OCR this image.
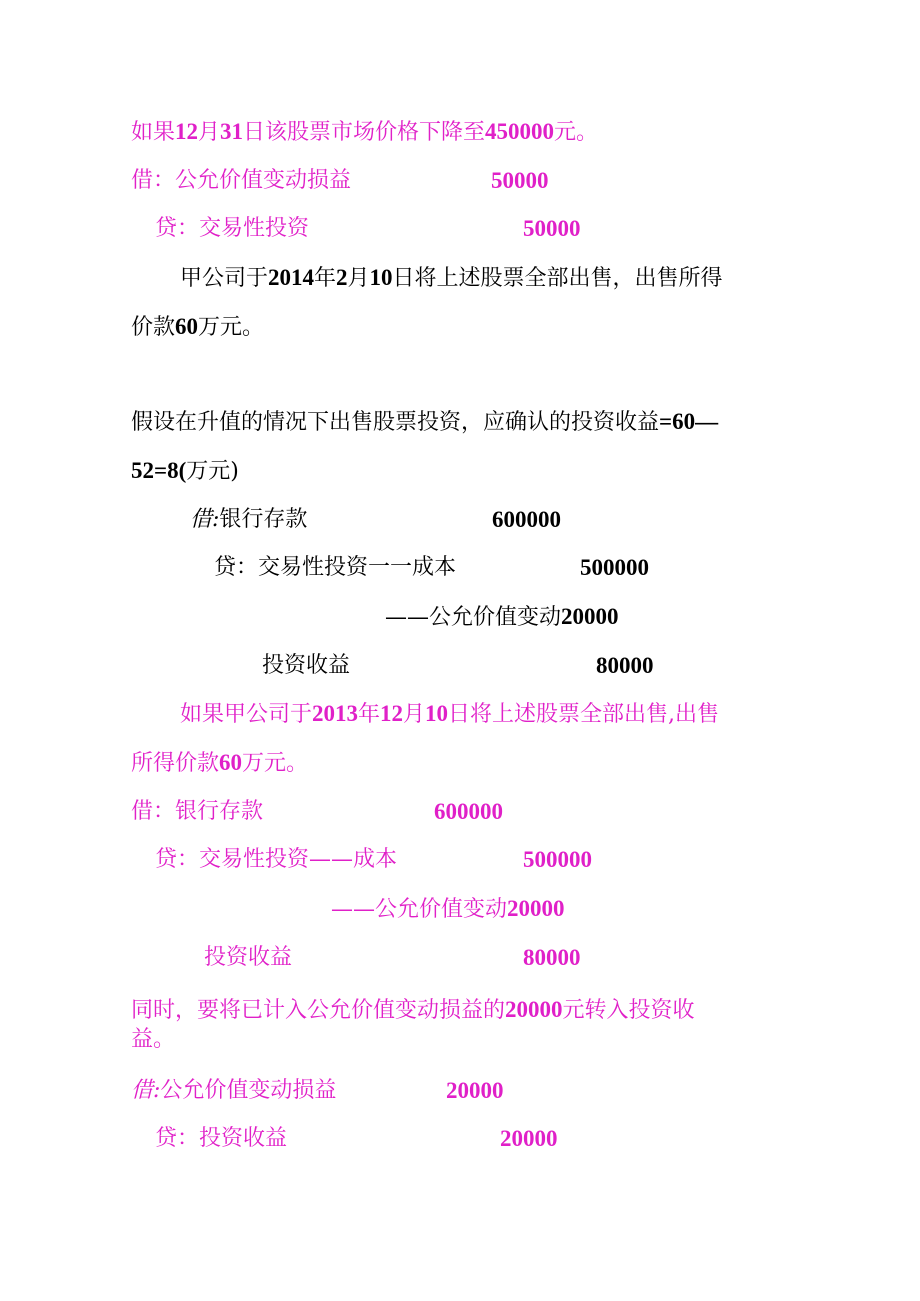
如果12月31日该股票市场价格下降至450000元。
借：公允价值变动损益	50000
贷：交易性投资	50000
甲公司于2014年2月10日将上述股票全部出售，出售所得
价款60万元。
假设在升值的情况下出售股票投资，应确认的投资收益=60—
52=8(万元)
借:银行存款	600000
贷：交易性投资一一成本	500000
——公允价值变动20000
投资收益	80000
如果甲公司于2013年12月10日将上述股票全部出售,出售
所得价款60万元。
借：银行存款	600000
贷：交易性投资——成本	500000
——公允价值变动20000
投资收益	80000
同时，要将已计入公允价值变动损益的20000元转入投资收
益。
借:公允价值变动损益	20000
贷：投资收益	20000
